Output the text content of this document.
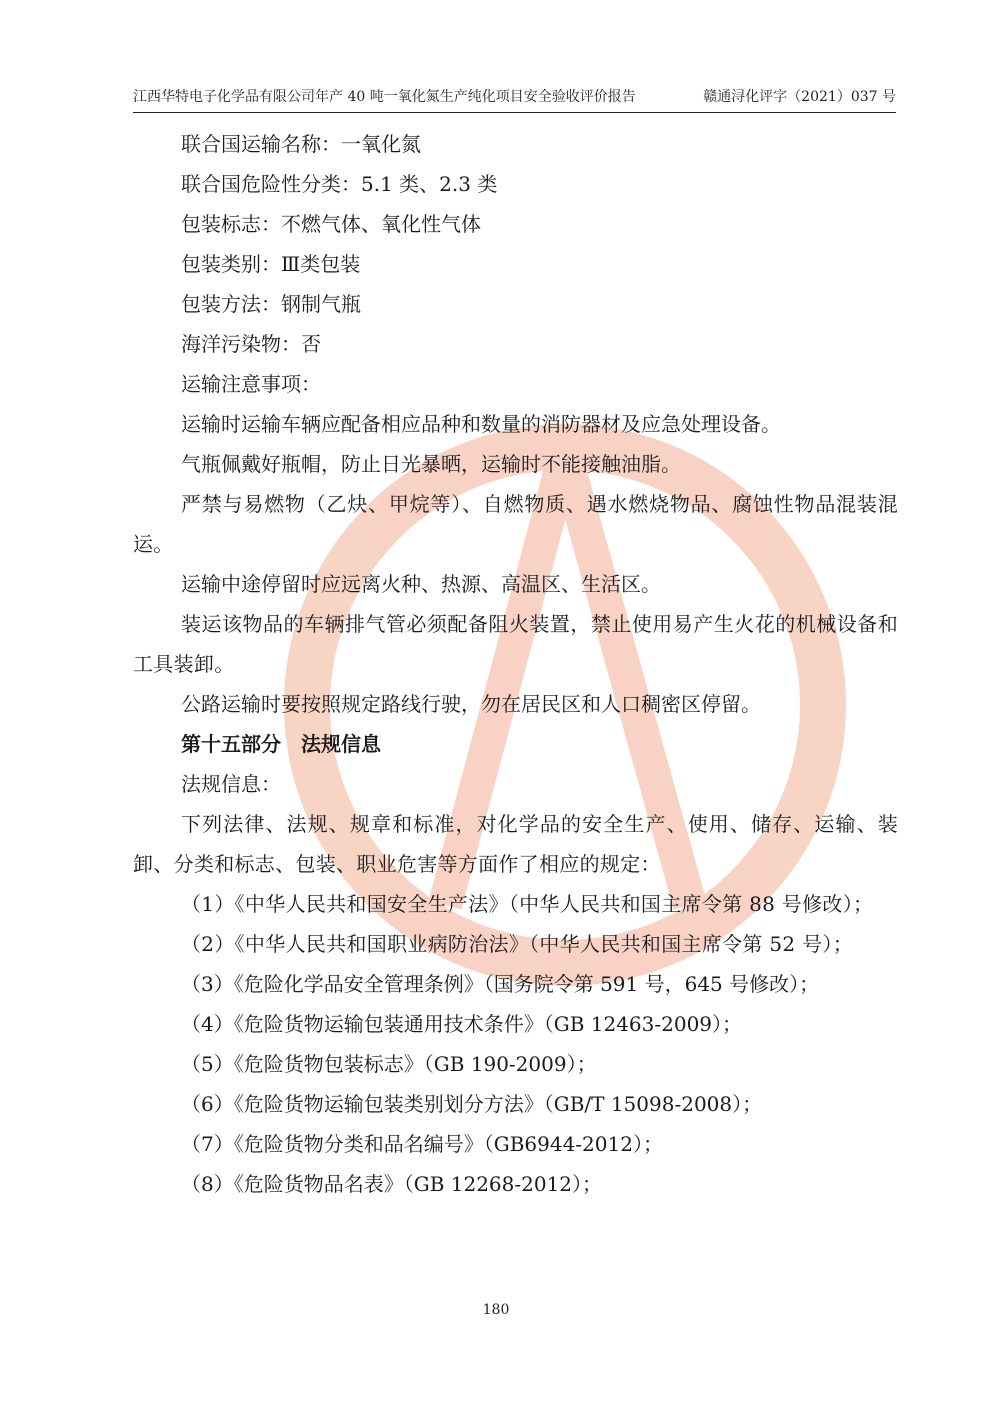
江西华特电子化学品有限公司年产 40 吨一氧化氮生产纯化项目安全验收评价报告	赣通浔化评字（2021）037 号

联合国运输名称：一氧化氮

联合国危险性分类：5.1 类、2.3 类

包装标志：不燃气体、氧化性气体

包装类别：Ⅲ类包装

包装方法：钢制气瓶

海洋污染物：否

运输注意事项：

运输时运输车辆应配备相应品种和数量的消防器材及应急处理设备。

气瓶佩戴好瓶帽，防止日光暴晒，运输时不能接触油脂。

严禁与易燃物（乙炔、甲烷等）、自燃物质、遇水燃烧物品、腐蚀性物品混装混运。

运输中途停留时应远离火种、热源、高温区、生活区。

装运该物品的车辆排气管必须配备阻火装置，禁止使用易产生火花的机械设备和工具装卸。

公路运输时要按照规定路线行驶，勿在居民区和人口稠密区停留。

第十五部分　法规信息

法规信息：

下列法律、法规、规章和标准，对化学品的安全生产、使用、储存、运输、装卸、分类和标志、包装、职业危害等方面作了相应的规定：

（1）《中华人民共和国安全生产法》（中华人民共和国主席令第 88 号修改）；

（2）《中华人民共和国职业病防治法》（中华人民共和国主席令第 52 号）；

（3）《危险化学品安全管理条例》（国务院令第 591 号，645 号修改）；

（4）《危险货物运输包装通用技术条件》（GB 12463-2009）；

（5）《危险货物包装标志》（GB 190-2009）；

（6）《危险货物运输包装类别划分方法》（GB/T 15098-2008）；

（7）《危险货物分类和品名编号》（GB6944-2012）；

（8）《危险货物品名表》（GB 12268-2012）；

180
